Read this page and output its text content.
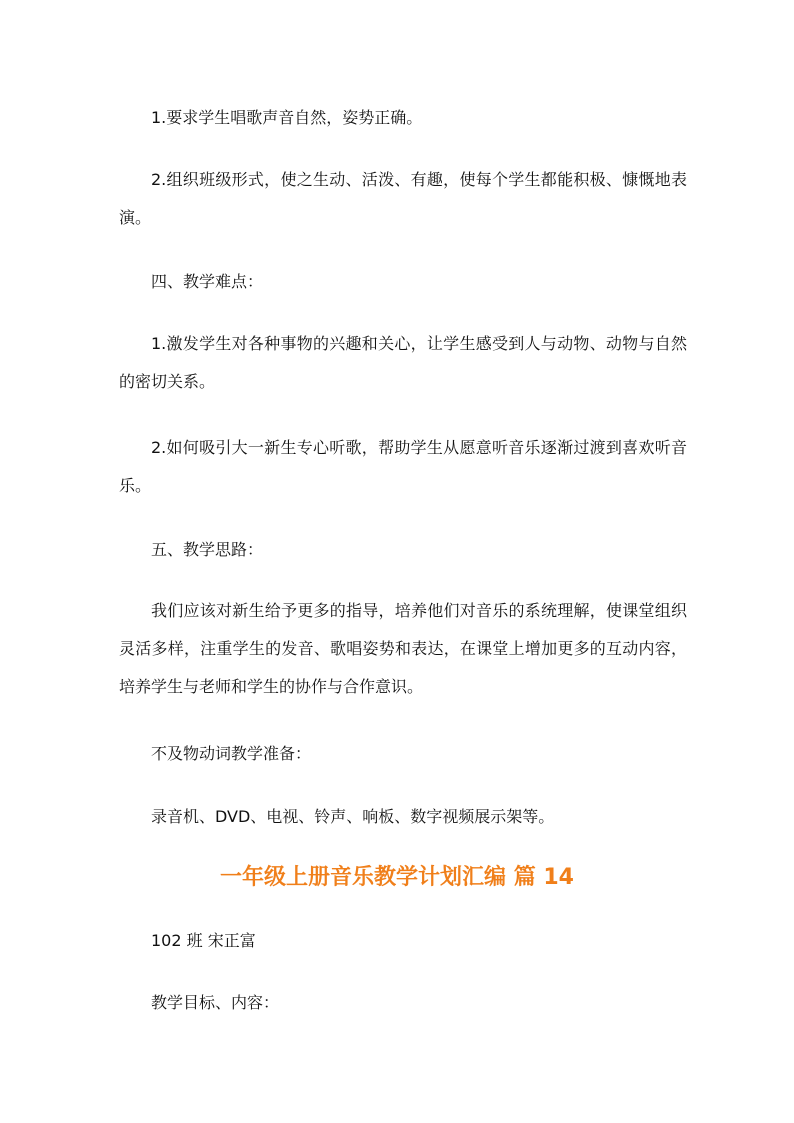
1.要求学生唱歌声音自然，姿势正确。

2.组织班级形式，使之生动、活泼、有趣，使每个学生都能积极、慷慨地表演。

四、教学难点：

1.激发学生对各种事物的兴趣和关心，让学生感受到人与动物、动物与自然的密切关系。

2.如何吸引大一新生专心听歌，帮助学生从愿意听音乐逐渐过渡到喜欢听音乐。

五、教学思路：

我们应该对新生给予更多的指导，培养他们对音乐的系统理解，使课堂组织灵活多样，注重学生的发音、歌唱姿势和表达，在课堂上增加更多的互动内容，培养学生与老师和学生的协作与合作意识。

不及物动词教学准备：

录音机、DVD、电视、铃声、响板、数字视频展示架等。

一年级上册音乐教学计划汇编 篇 14

102 班 宋正富

教学目标、内容：
